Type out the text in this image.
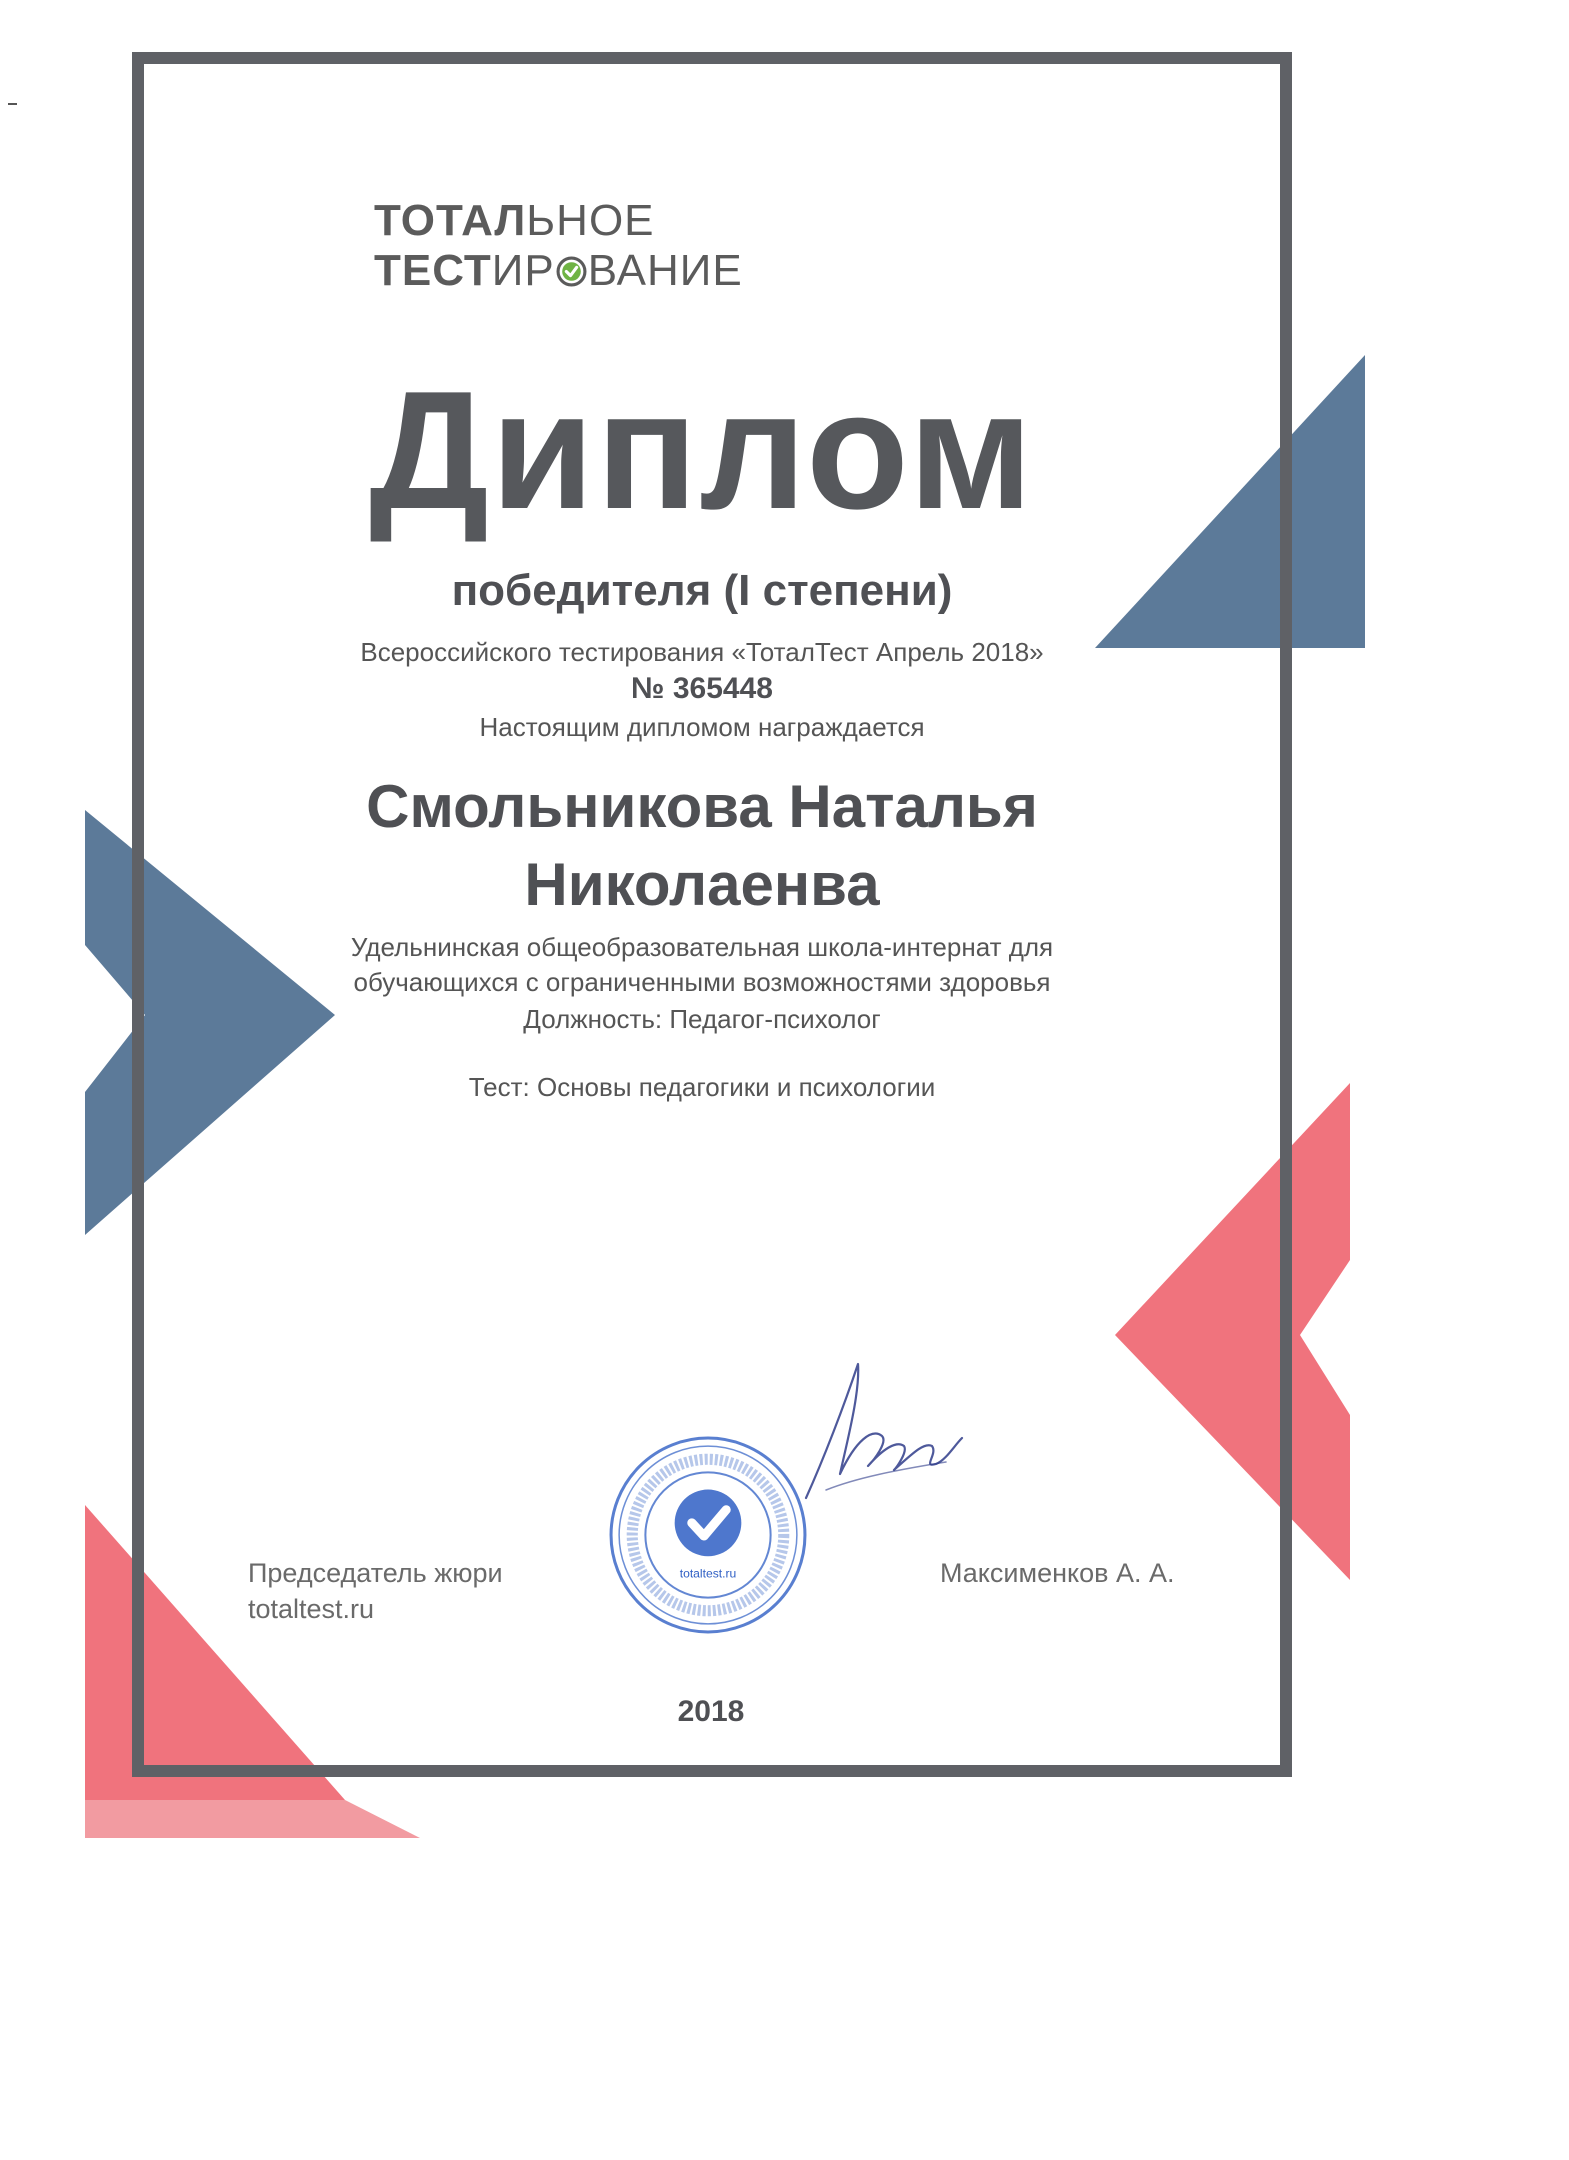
ТОТАЛЬНОЕ
ТЕСТИР ВАНИЕ
Диплом
победителя (I степени)
Всероссийского тестирования «ТоталТест Апрель 2018»
№ 365448
Настоящим дипломом награждается
Смольникова Наталья
Николаенва
Удельнинская общеобразовательная школа-интернат для
обучающихся с ограниченными возможностями здоровья
Должность: Педагог-психолог
Тест: Основы педагогики и психологии
Председатель жюри
totaltest.ru
totaltest.ru	Максименков А. А.
2018
